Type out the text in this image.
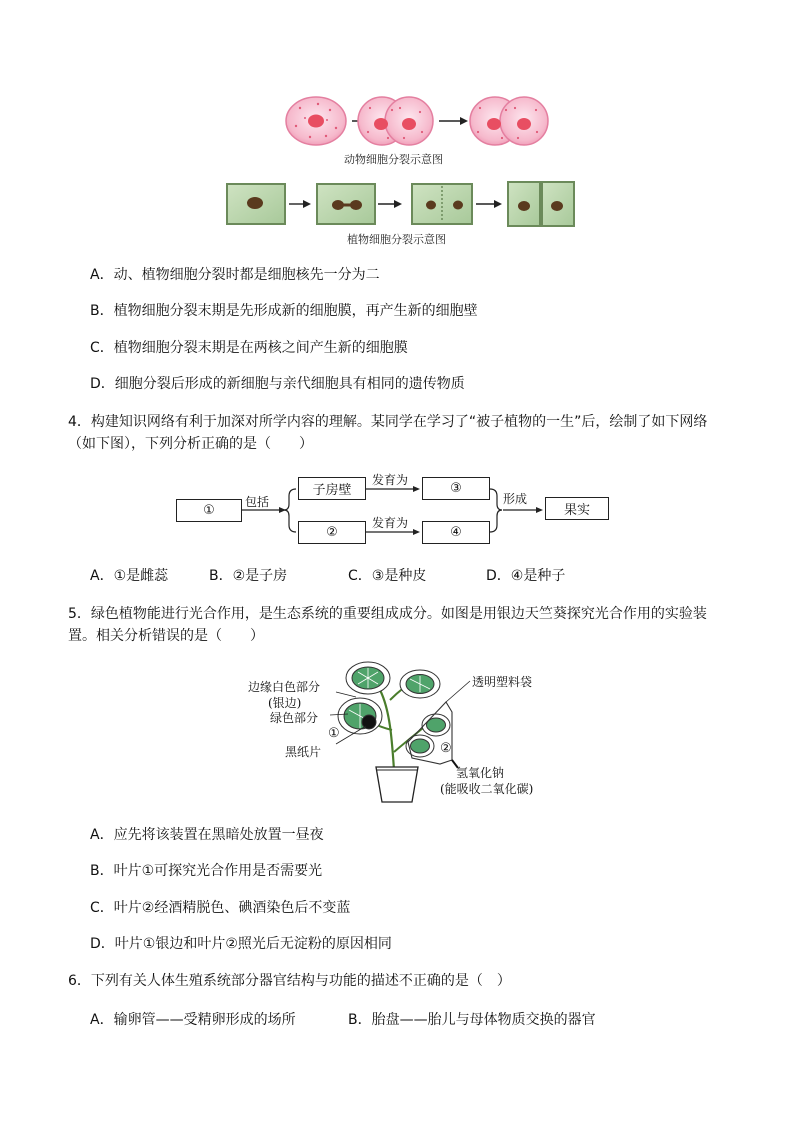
动物细胞分裂示意图
植物细胞分裂示意图
A．动、植物细胞分裂时都是细胞核先一分为二
B．植物细胞分裂末期是先形成新的细胞膜，再产生新的细胞壁
C．植物细胞分裂末期是在两核之间产生新的细胞膜
D．细胞分裂后形成的新细胞与亲代细胞具有相同的遗传物质
4．构建知识网络有利于加深对所学内容的理解。某同学在学习了“被子植物的一生”后，绘制了如下网络（如下图），下列分析正确的是（　　）
①
包括
子房壁
②
发育为
发育为
③
④
形成
果实
A．①是雌蕊	B．②是子房	C．③是种皮	D．④是种子
5．绿色植物能进行光合作用，是生态系统的重要组成成分。如图是用银边天竺葵探究光合作用的实验装置。相关分析错误的是（　　）
边缘白色部分
(银边)
绿色部分
①
黑纸片
透明塑料袋
②
氢氧化钠
(能吸收二氧化碳)
A．应先将该装置在黑暗处放置一昼夜
B．叶片①可探究光合作用是否需要光
C．叶片②经酒精脱色、碘酒染色后不变蓝
D．叶片①银边和叶片②照光后无淀粉的原因相同
6．下列有关人体生殖系统部分器官结构与功能的描述不正确的是（　）
A．输卵管——受精卵形成的场所	B．胎盘——胎儿与母体物质交换的器官
